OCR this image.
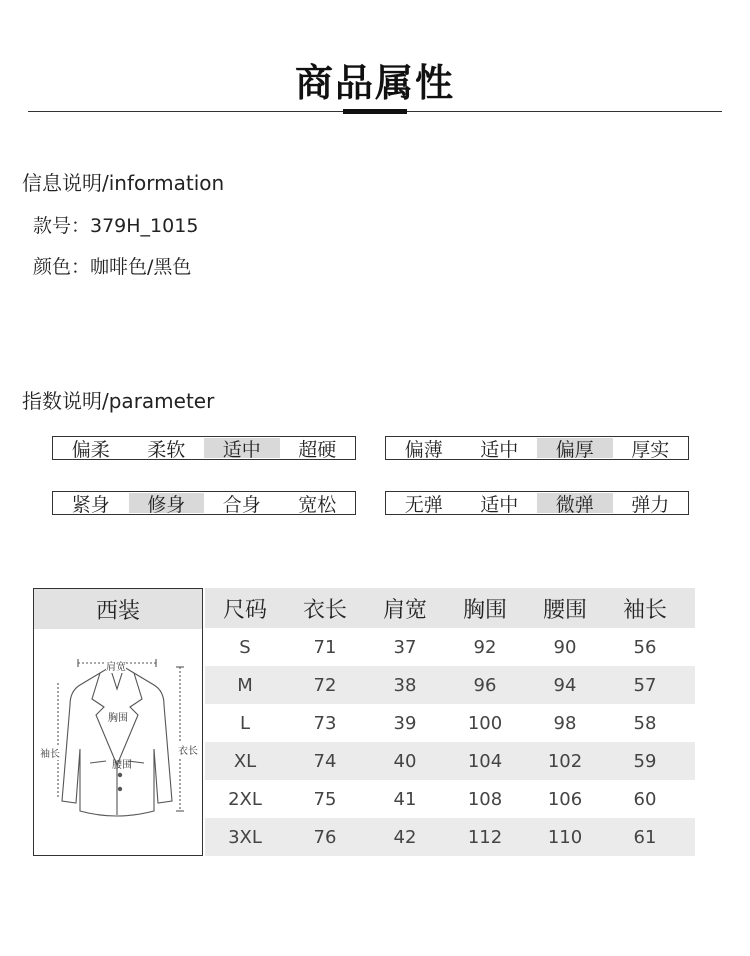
商品属性
信息说明/information
款号：379H_1015
颜色：咖啡色/黑色
指数说明/parameter
偏柔	柔软	适中	超硬	偏薄	适中	偏厚	厚实
紧身	修身	合身	宽松	无弹	适中	微弹	弹力
西装
肩宽
胸围
腰围
袖长	衣长
尺码	衣长	肩宽	胸围	腰围	袖长
S	71	37	92	90	56
M	72	38	96	94	57
L	73	39	100	98	58
XL	74	40	104	102	59
2XL	75	41	108	106	60
3XL	76	42	112	110	61
